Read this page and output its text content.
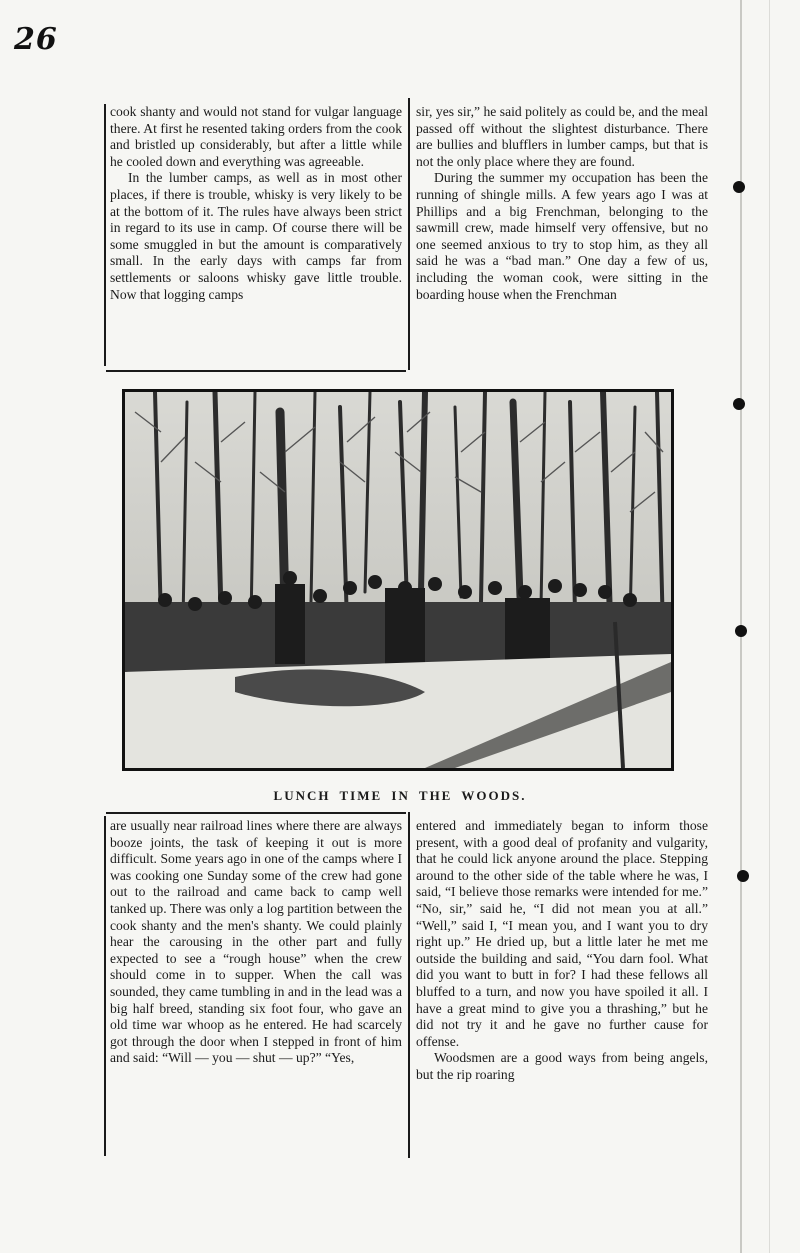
26

cook shanty and would not stand for vulgar language there. At first he resented taking orders from the cook and bristled up considerably, but after a little while he cooled down and everything was agreeable.

In the lumber camps, as well as in most other places, if there is trouble, whisky is very likely to be at the bottom of it. The rules have always been strict in regard to its use in camp. Of course there will be some smuggled in but the amount is comparatively small. In the early days with camps far from settlements or saloons whisky gave little trouble. Now that logging camps

sir, yes sir,” he said politely as could be, and the meal passed off without the slightest disturbance. There are bullies and blufflers in lumber camps, but that is not the only place where they are found.

During the summer my occupation has been the running of shingle mills. A few years ago I was at Phillips and a big Frenchman, belonging to the sawmill crew, made himself very offensive, but no one seemed anxious to try to stop him, as they all said he was a “bad man.” One day a few of us, including the woman cook, were sitting in the boarding house when the Frenchman

LUNCH TIME IN THE WOODS.

are usually near railroad lines where there are always booze joints, the task of keeping it out is more difficult. Some years ago in one of the camps where I was cooking one Sunday some of the crew had gone out to the railroad and came back to camp well tanked up. There was only a log partition between the cook shanty and the men's shanty. We could plainly hear the carousing in the other part and fully expected to see a “rough house” when the crew should come in to supper. When the call was sounded, they came tumbling in and in the lead was a big half breed, standing six foot four, who gave an old time war whoop as he entered. He had scarcely got through the door when I stepped in front of him and said: “Will — you — shut — up?” “Yes,

entered and immediately began to inform those present, with a good deal of profanity and vulgarity, that he could lick anyone around the place. Stepping around to the other side of the table where he was, I said, “I believe those remarks were intended for me.” “No, sir,” said he, “I did not mean you at all.” “Well,” said I, “I mean you, and I want you to dry right up.” He dried up, but a little later he met me outside the building and said, “You darn fool. What did you want to butt in for? I had these fellows all bluffed to a turn, and now you have spoiled it all. I have a great mind to give you a thrashing,” but he did not try it and he gave no further cause for offense.

Woodsmen are a good ways from being angels, but the rip roaring
